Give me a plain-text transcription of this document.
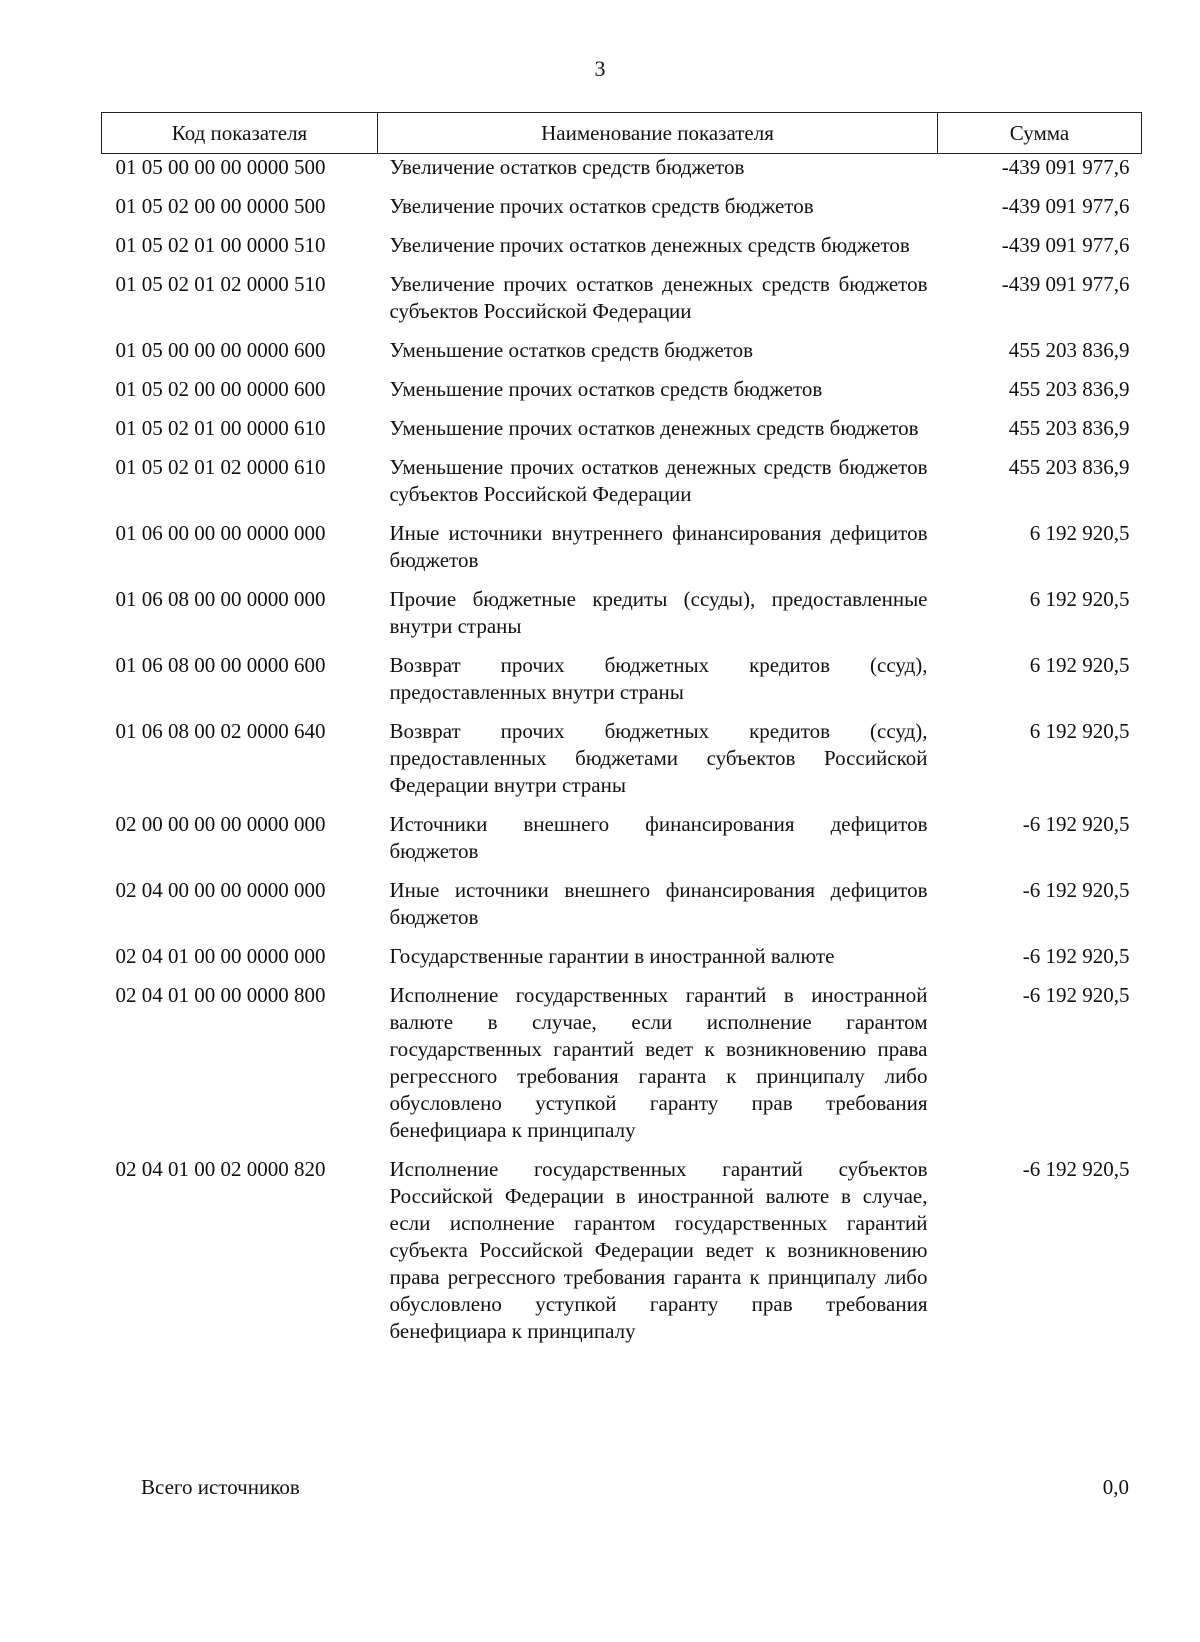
3
Код показателя	Наименование показателя	Сумма
01 05 00 00 00 0000 500	Увеличение остатков средств бюджетов	-439 091 977,6
01 05 02 00 00 0000 500	Увеличение прочих остатков средств бюджетов	-439 091 977,6
01 05 02 01 00 0000 510	Увеличение прочих остатков денежных средств бюджетов	-439 091 977,6
01 05 02 01 02 0000 510	Увеличение прочих остатков денежных средств бюджетов субъектов Российской Федерации	-439 091 977,6
01 05 00 00 00 0000 600	Уменьшение остатков средств бюджетов	455 203 836,9
01 05 02 00 00 0000 600	Уменьшение прочих остатков средств бюджетов	455 203 836,9
01 05 02 01 00 0000 610	Уменьшение прочих остатков денежных средств бюджетов	455 203 836,9
01 05 02 01 02 0000 610	Уменьшение прочих остатков денежных средств бюджетов субъектов Российской Федерации	455 203 836,9
01 06 00 00 00 0000 000	Иные источники внутреннего финансирования дефицитов бюджетов	6 192 920,5
01 06 08 00 00 0000 000	Прочие бюджетные кредиты (ссуды), предоставленные внутри страны	6 192 920,5
01 06 08 00 00 0000 600	Возврат прочих бюджетных кредитов (ссуд), предоставленных внутри страны	6 192 920,5
01 06 08 00 02 0000 640	Возврат прочих бюджетных кредитов (ссуд), предоставленных бюджетами субъектов Российской Федерации внутри страны	6 192 920,5
02 00 00 00 00 0000 000	Источники внешнего финансирования дефицитов бюджетов	-6 192 920,5
02 04 00 00 00 0000 000	Иные источники внешнего финансирования дефицитов бюджетов	-6 192 920,5
02 04 01 00 00 0000 000	Государственные гарантии в иностранной валюте	-6 192 920,5
02 04 01 00 00 0000 800	Исполнение государственных гарантий в иностранной валюте в случае, если исполнение гарантом государственных гарантий ведет к возникновению права регрессного требования гаранта к принципалу либо обусловлено уступкой гаранту прав требования бенефициара к принципалу	-6 192 920,5
02 04 01 00 02 0000 820	Исполнение государственных гарантий субъектов Российской Федерации в иностранной валюте в случае, если исполнение гарантом государственных гарантий субъекта Российской Федерации ведет к возникновению права регрессного требования гаранта к принципалу либо обусловлено уступкой гаранту прав требования бенефициара к принципалу	-6 192 920,5
Всего источников	0,0
